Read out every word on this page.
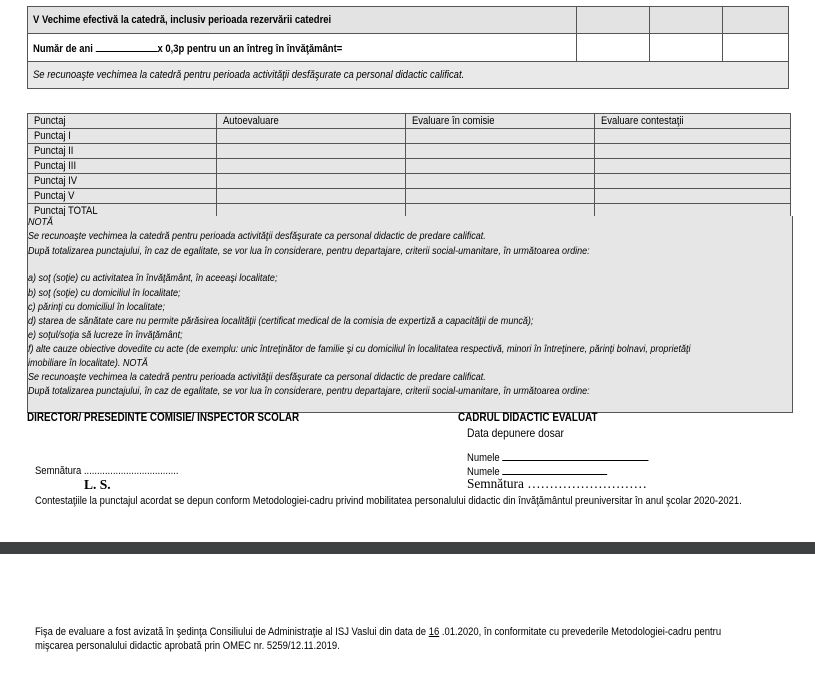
V Vechime efectivă la catedră, inclusiv perioada rezervării catedrei			
Număr de ani x 0,3p pentru un an întreg în învăţământ=			
Se recunoaşte vechimea la catedră pentru perioada activităţii desfăşurate ca personal didactic calificat.			
Punctaj	Autoevaluare	Evaluare în comisie	Evaluare contestaţii
Punctaj I			
Punctaj II			
Punctaj III			
Punctaj IV			
Punctaj V			
Punctaj TOTAL			
NOTĂ
Se recunoaşte vechimea la catedră pentru perioada activităţii desfăşurate ca personal didactic de predare calificat.
După totalizarea punctajului, în caz de egalitate, se vor lua în considerare, pentru departajare, criterii social-umanitare, în următoarea ordine:
a) soţ (soţie) cu activitatea în învăţământ, în aceeaşi localitate;
b) soţ (soţie) cu domiciliul în localitate;
c) părinţi cu domiciliul în localitate;
d) starea de sănătate care nu permite părăsirea localităţii (certificat medical de la comisia de expertiză a capacităţii de muncă);
e) soţul/soţia să lucreze în învăţământ;
f) alte cauze obiective dovedite cu acte (de exemplu: unic întreţinător de familie şi cu domiciliul în localitatea respectivă, minori în întreţinere, părinţi bolnavi, proprietăţi
imobiliare în localitate). NOTĂ
Se recunoaşte vechimea la catedră pentru perioada activităţii desfăşurate ca personal didactic de predare calificat.
După totalizarea punctajului, în caz de egalitate, se vor lua în considerare, pentru departajare, criterii social-umanitare, în următoarea ordine:
DIRECTOR/ PRESEDINTE COMISIE/ INSPECTOR SCOLAR	CADRUL DIDACTIC EVALUAT
Data depunere dosar
Numele
Numele
Semnătura ....................................
L. S.	Semnătura ………………………
Contestaţiile la punctajul acordat se depun conform Metodologiei-cadru privind mobilitatea personalului didactic din învăţământul preuniversitar în anul şcolar 2020-2021.
Fişa de evaluare a fost avizată în şedinţa Consiliului de Administraţie al ISJ Vaslui din data de 16 .01.2020, în conformitate cu prevederile Metodologiei-cadru pentru
mişcarea personalului didactic aprobată prin OMEC nr. 5259/12.11.2019.
